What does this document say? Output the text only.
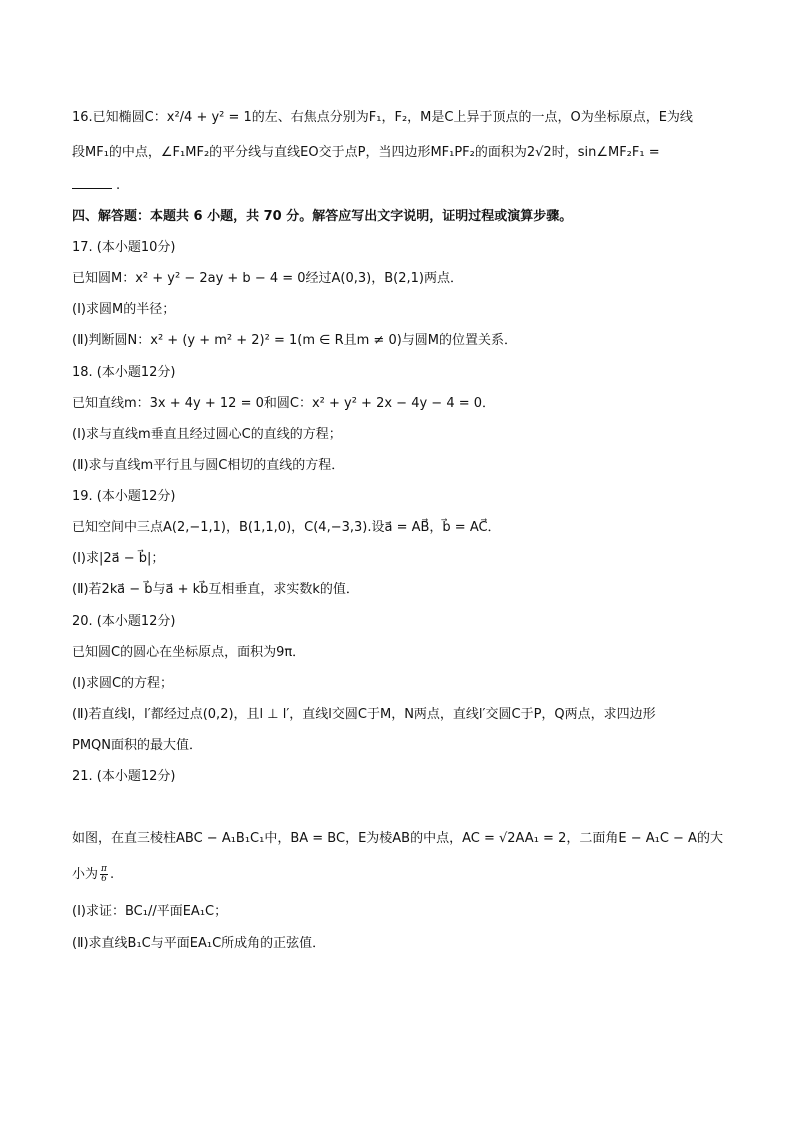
16.已知椭圆C：x²/4 + y² = 1的左、右焦点分别为F₁，F₂，M是C上异于顶点的一点，O为坐标原点，E为线
段MF₁的中点，∠F₁MF₂的平分线与直线EO交于点P，当四边形MF₁PF₂的面积为2√2时，sin∠MF₂F₁ =
.
四、解答题：本题共 6 小题，共 70 分。解答应写出文字说明，证明过程或演算步骤。
17. (本小题10分)
已知圆M：x² + y² − 2ay + b − 4 = 0经过A(0,3)，B(2,1)两点．
(Ⅰ)求圆M的半径；
(Ⅱ)判断圆N：x² + (y + m² + 2)² = 1(m ∈ R且m ≠ 0)与圆M的位置关系．
18. (本小题12分)
已知直线m：3x + 4y + 12 = 0和圆C：x² + y² + 2x − 4y − 4 = 0．
(Ⅰ)求与直线m垂直且经过圆心C的直线的方程；
(Ⅱ)求与直线m平行且与圆C相切的直线的方程．
19. (本小题12分)
已知空间中三点A(2,−1,1)，B(1,1,0)，C(4,−3,3).设a⃗ = AB⃗，b⃗ = AC⃗．
(Ⅰ)求|2a⃗ − b⃗|；
(Ⅱ)若2ka⃗ − b⃗与a⃗ + kb⃗互相垂直，求实数k的值．
20. (本小题12分)
已知圆C的圆心在坐标原点，面积为9π．
(Ⅰ)求圆C的方程；
(Ⅱ)若直线l，l′都经过点(0,2)，且l ⊥ l′，直线l交圆C于M，N两点，直线l′交圆C于P，Q两点，求四边形
PMQN面积的最大值．
21. (本小题12分)
如图，在直三棱柱ABC − A₁B₁C₁中，BA = BC，E为棱AB的中点，AC = √2AA₁ = 2，二面角E − A₁C − A的大
小为 $\frac{\pi}{6}$ .
(Ⅰ)求证：BC₁//平面EA₁C；
(Ⅱ)求直线B₁C与平面EA₁C所成角的正弦值．
